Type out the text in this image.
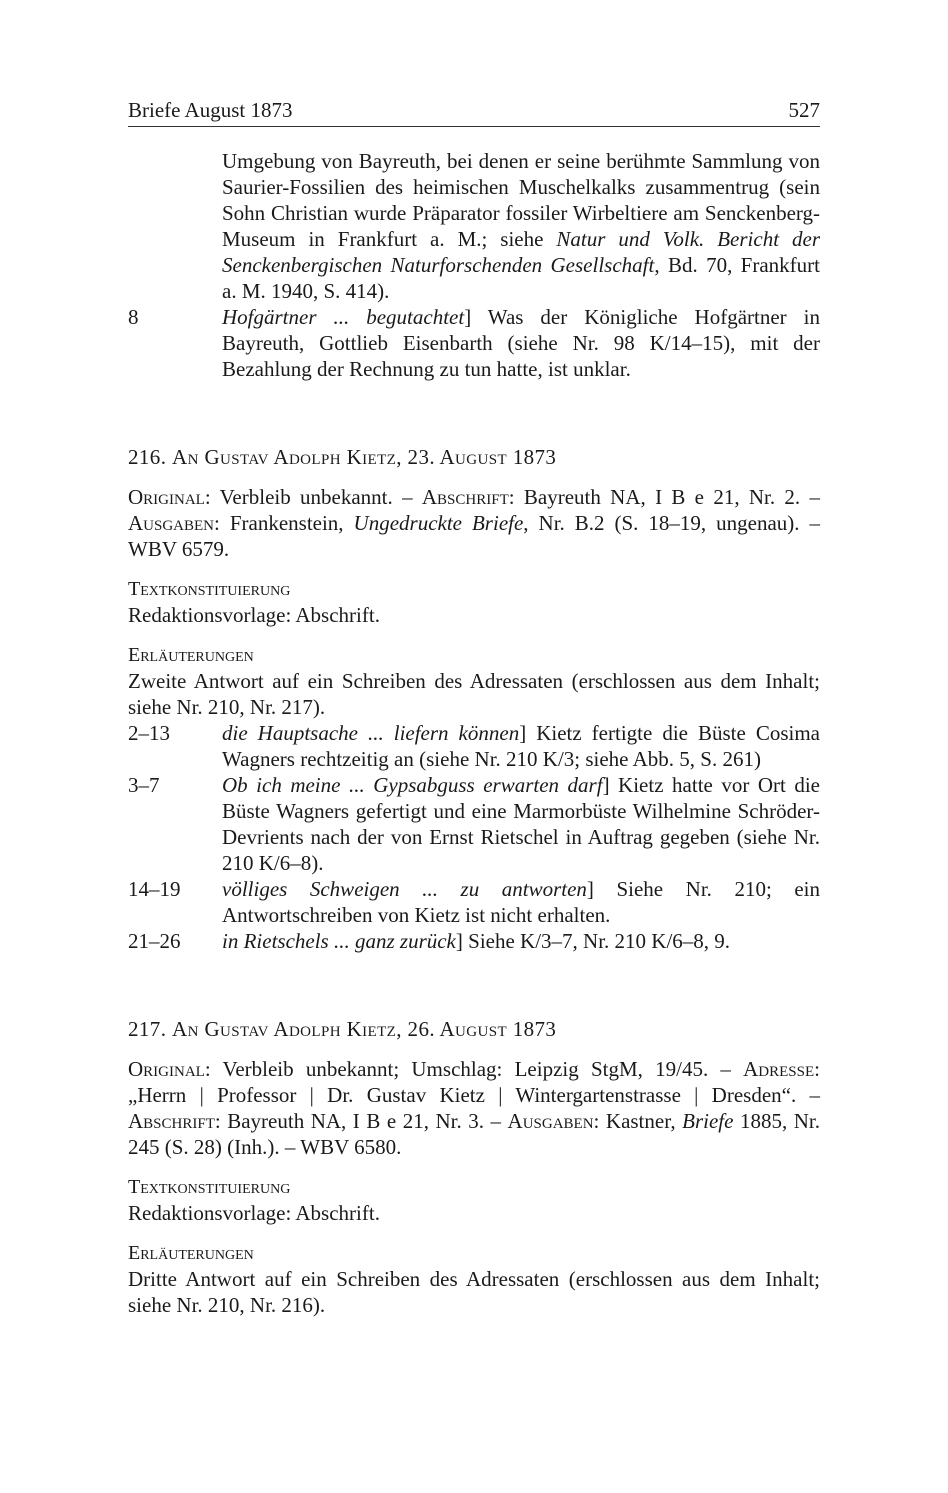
Briefe August 1873	527
Umgebung von Bayreuth, bei denen er seine berühmte Sammlung von Saurier-Fossilien des heimischen Muschelkalks zusammentrug (sein Sohn Christian wurde Präparator fossiler Wirbeltiere am Senckenberg-Museum in Frankfurt a. M.; siehe Natur und Volk. Bericht der Senckenbergischen Naturforschenden Gesellschaft, Bd. 70, Frankfurt a. M. 1940, S. 414).
8	Hofgärtner ... begutachtet] Was der Königliche Hofgärtner in Bayreuth, Gottlieb Eisenbarth (siehe Nr. 98 K/14–15), mit der Bezahlung der Rechnung zu tun hatte, ist unklar.
216. An Gustav Adolph Kietz, 23. August 1873
Original: Verbleib unbekannt. – Abschrift: Bayreuth NA, I B e 21, Nr. 2. – Ausgaben: Frankenstein, Ungedruckte Briefe, Nr. B.2 (S. 18–19, ungenau). – WBV 6579.
Textkonstituierung
Redaktionsvorlage: Abschrift.
Erläuterungen
Zweite Antwort auf ein Schreiben des Adressaten (erschlossen aus dem Inhalt; siehe Nr. 210, Nr. 217).
2–13 die Hauptsache ... liefern können] Kietz fertigte die Büste Cosima Wagners rechtzeitig an (siehe Nr. 210 K/3; siehe Abb. 5, S. 261)
3–7	Ob ich meine ... Gypsabguss erwarten darf] Kietz hatte vor Ort die Büste Wagners gefertigt und eine Marmorbüste Wilhelmine Schröder-Devrients nach der von Ernst Rietschel in Auftrag gegeben (siehe Nr. 210 K/6–8).
14–19 völliges Schweigen ... zu antworten] Siehe Nr. 210; ein Antwortschreiben von Kietz ist nicht erhalten.
21–26 in Rietschels ... ganz zurück] Siehe K/3–7, Nr. 210 K/6–8, 9.
217. An Gustav Adolph Kietz, 26. August 1873
Original: Verbleib unbekannt; Umschlag: Leipzig StgM, 19/45. – Adresse: „Herrn | Professor | Dr. Gustav Kietz | Wintergartenstrasse | Dresden“. – Abschrift: Bayreuth NA, I B e 21, Nr. 3. – Ausgaben: Kastner, Briefe 1885, Nr. 245 (S. 28) (Inh.). – WBV 6580.
Textkonstituierung
Redaktionsvorlage: Abschrift.
Erläuterungen
Dritte Antwort auf ein Schreiben des Adressaten (erschlossen aus dem Inhalt; siehe Nr. 210, Nr. 216).
